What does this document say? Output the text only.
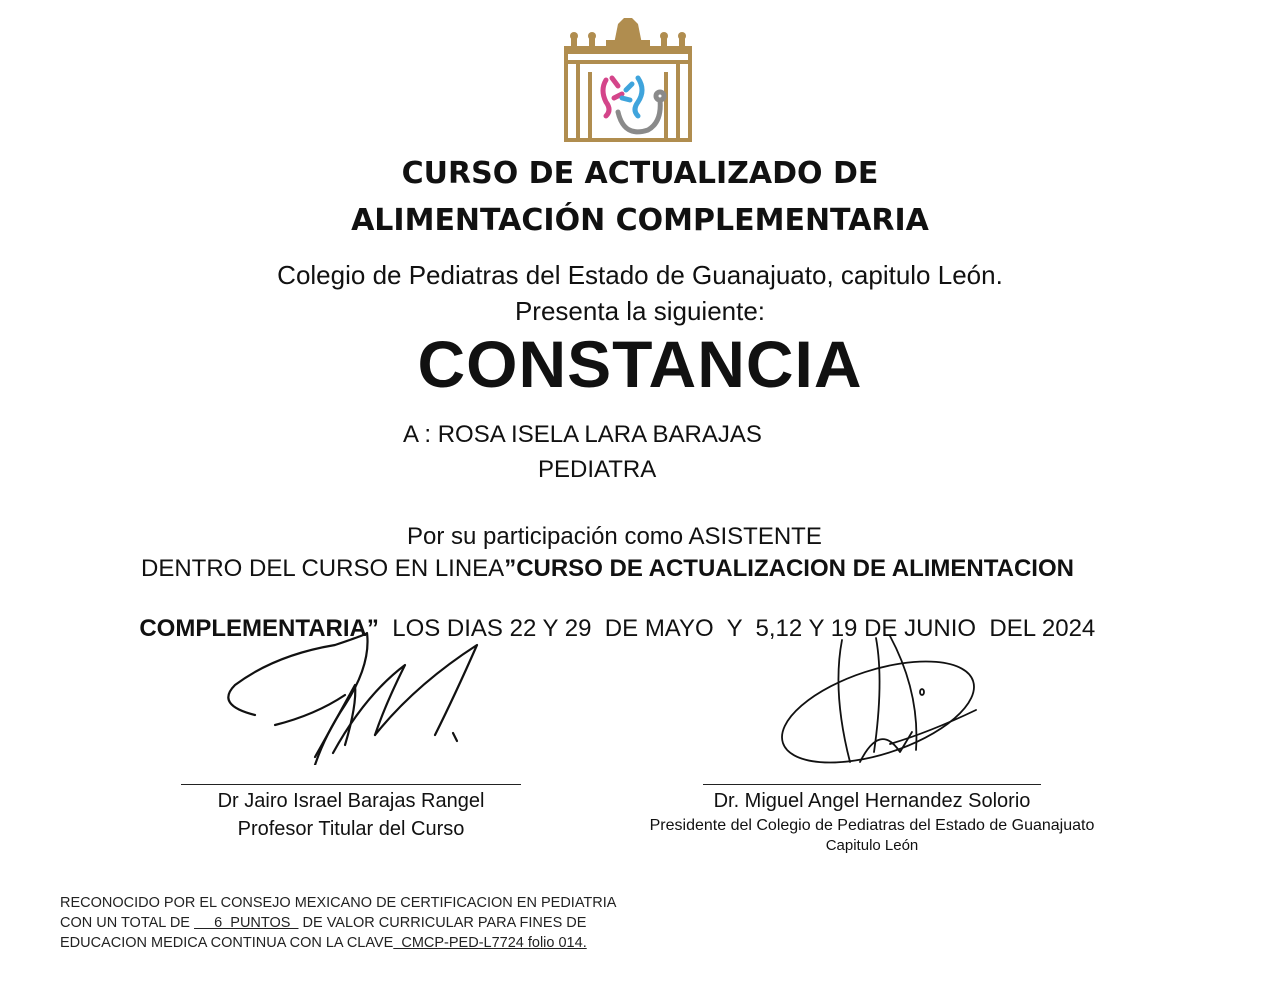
CURSO DE ACTUALIZADO DE
ALIMENTACIÓN COMPLEMENTARIA
Colegio de Pediatras del Estado de Guanajuato, capitulo León.
Presenta la siguiente:
CONSTANCIA
A : ROSA ISELA LARA BARAJAS
PEDIATRA
Por su participación como ASISTENTE
DENTRO DEL CURSO EN LINEA”CURSO DE ACTUALIZACION DE ALIMENTACION

COMPLEMENTARIA”  LOS DIAS 22 Y 29  DE MAYO  Y  5,12 Y 19 DE JUNIO  DEL 2024

Dr Jairo Israel Barajas Rangel
Profesor Titular del Curso
Dr. Miguel Angel Hernandez Solorio
Presidente del Colegio de Pediatras del Estado de Guanajuato
Capitulo León
RECONOCIDO POR EL CONSEJO MEXICANO DE CERTIFICACION EN PEDIATRIA
CON UN TOTAL DE      6  PUNTOS   DE VALOR CURRICULAR PARA FINES DE
EDUCACION MEDICA CONTINUA CON LA CLAVE  CMCP-PED-L7724 folio 014.
